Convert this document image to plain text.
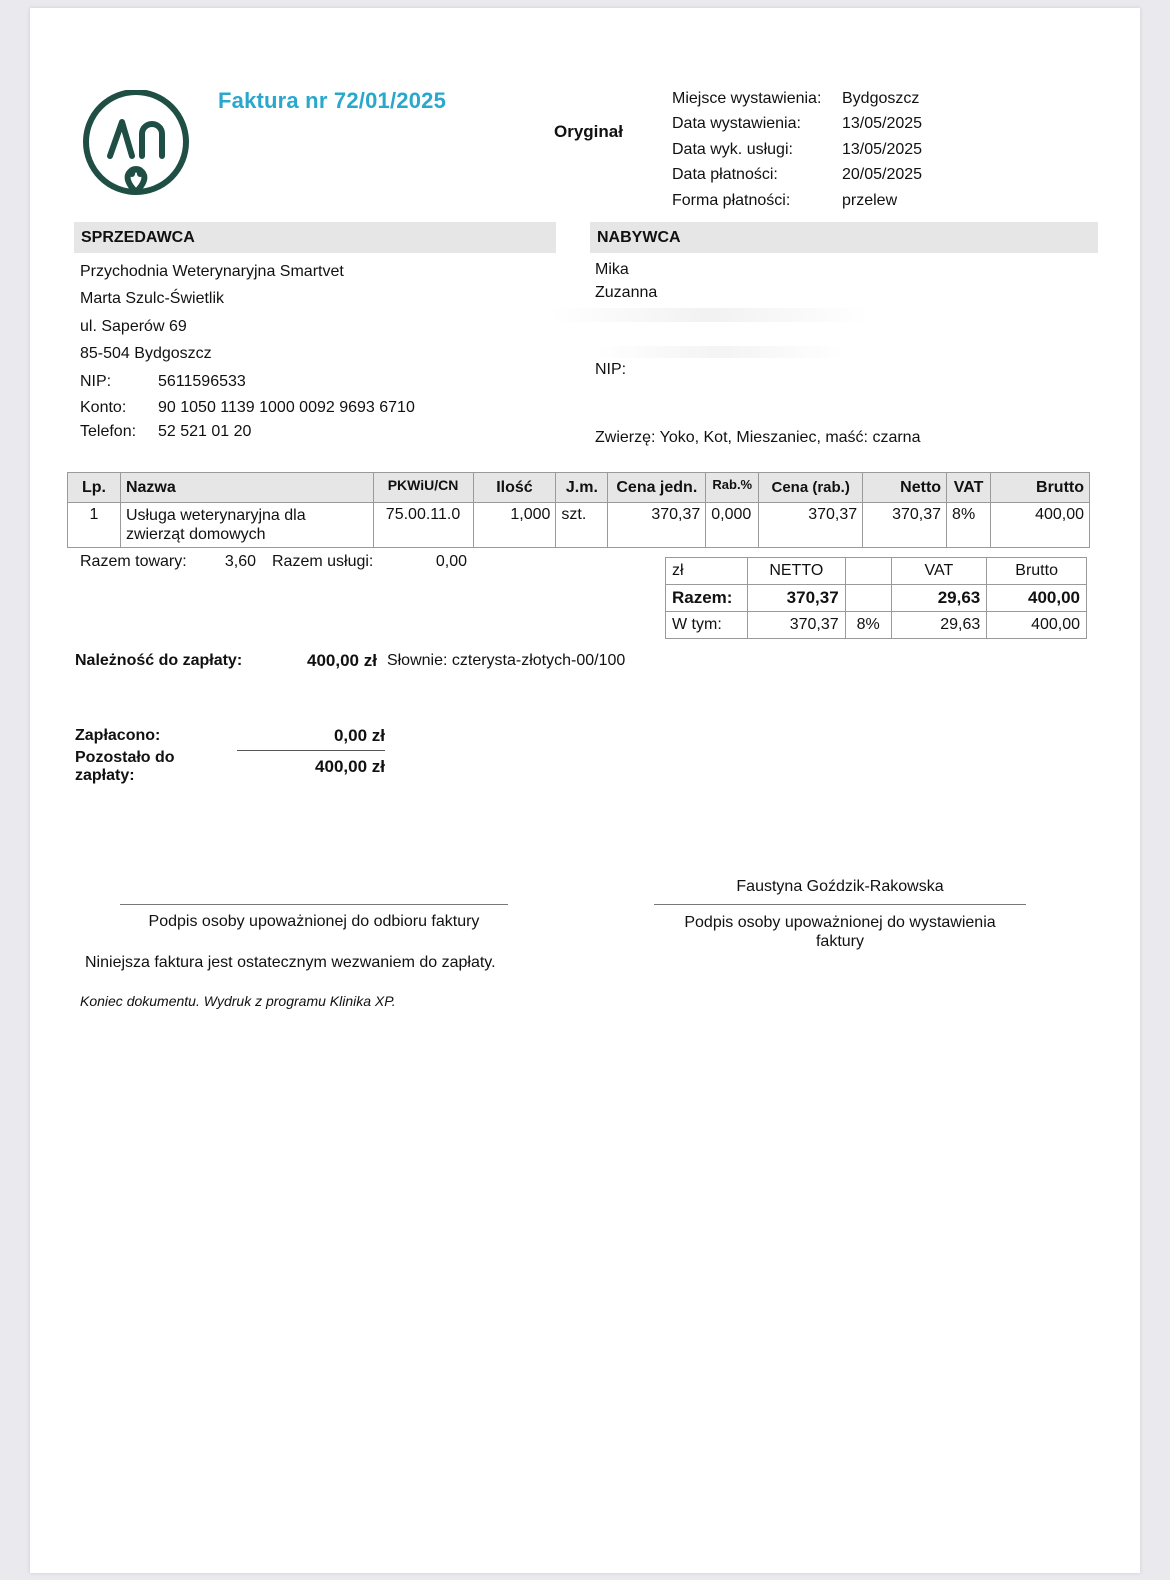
Faktura nr 72/01/2025
Oryginał
Miejsce wystawienia:	Bydgoszcz
Data wystawienia:	13/05/2025
Data wyk. usługi:	13/05/2025
Data płatności:	20/05/2025
Forma płatności:	przelew
SPRZEDAWCA	NABYWCA
Przychodnia Weterynaryjna Smartvet
Marta Szulc-Świetlik
ul. Saperów 69
85-504 Bydgoszcz
NIP:	5611596533
Konto:	90 1050 1139 1000 0092 9693 6710
Telefon:	52 521 01 20
Mika
Zuzanna
NIP:
Zwierzę: Yoko, Kot, Mieszaniec, maść: czarna
Lp.	Nazwa	PKWiU/CN	Ilość	J.m.	Cena jedn.	Rab.%	Cena (rab.)	Netto	VAT	Brutto
1	Usługa weterynaryjna dla zwierząt domowych	75.00.11.0	1,000	szt.	370,37	0,000	370,37	370,37	8%	400,00
Razem towary:	3,60 Razem usługi:	0,00
zł	NETTO		VAT	Brutto
Razem:	370,37		29,63	400,00
W tym:	370,37	8%	29,63	400,00
Należność do zapłaty:	400,00 zł Słownie: czterysta-złotych-00/100
Zapłacono:	0,00 zł
Pozostało do zapłaty:	400,00 zł
Podpis osoby upoważnionej do odbioru faktury
Faustyna Goździk-Rakowska
Podpis osoby upoważnionej do wystawienia faktury
Niniejsza faktura jest ostatecznym wezwaniem do zapłaty.
Koniec dokumentu. Wydruk z programu Klinika XP.
